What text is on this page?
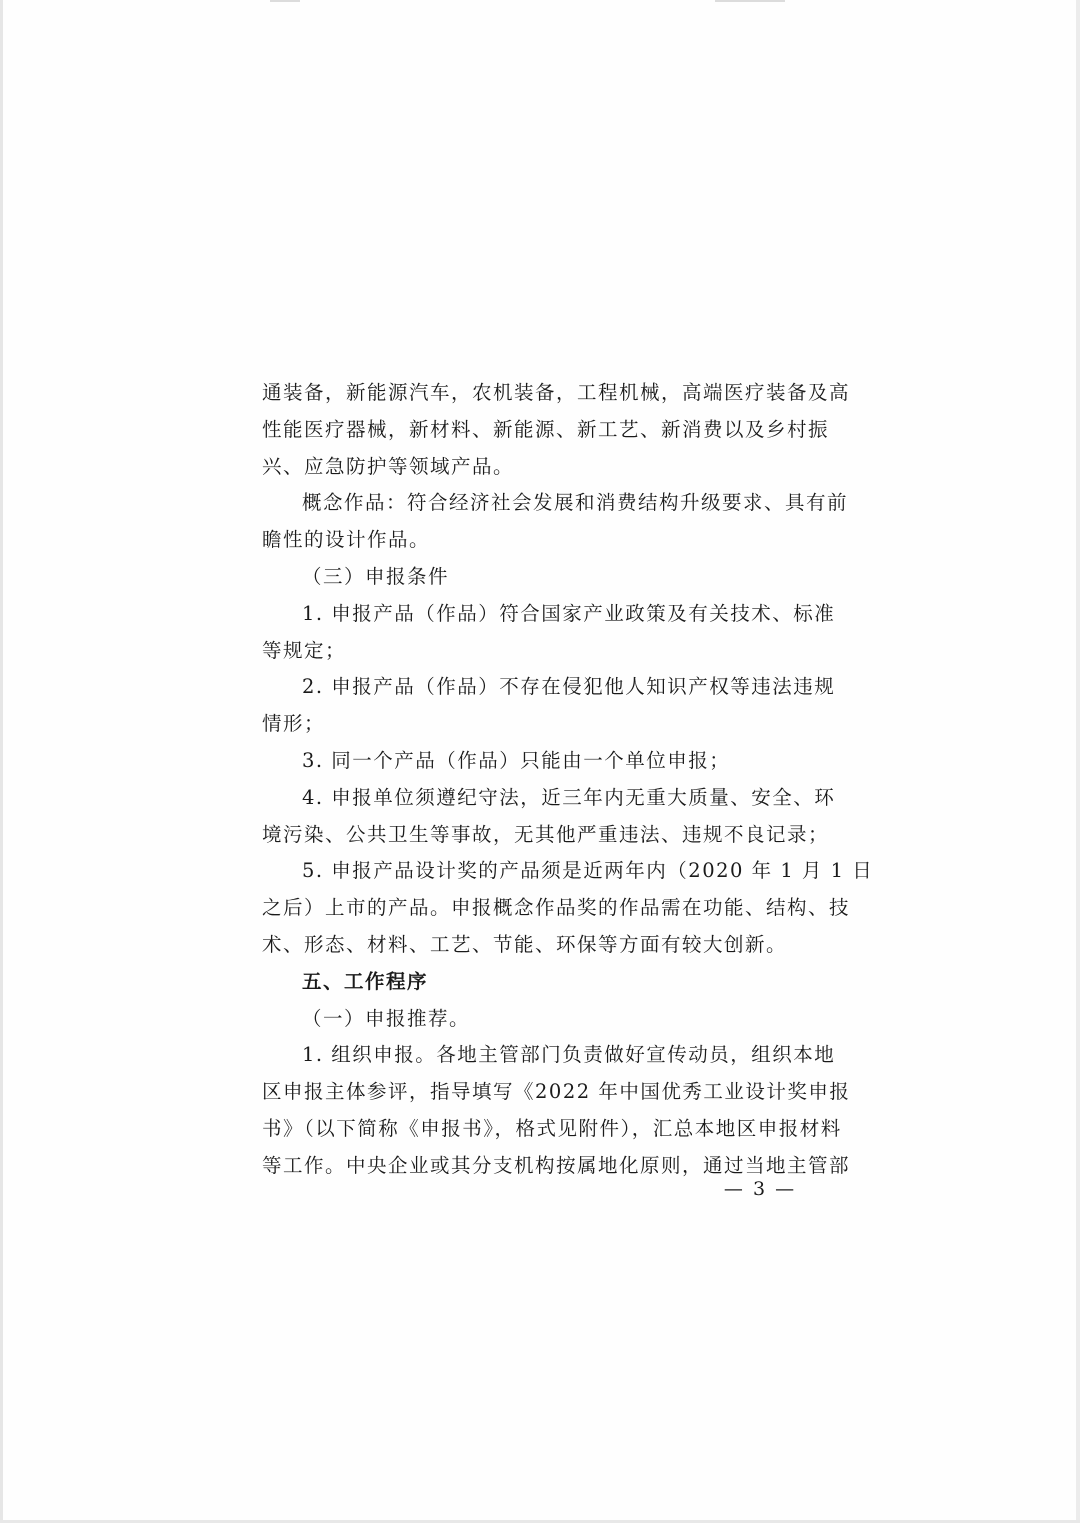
通装备，新能源汽车，农机装备，工程机械，高端医疗装备及高
性能医疗器械，新材料、新能源、新工艺、新消费以及乡村振
兴、应急防护等领域产品。
概念作品：符合经济社会发展和消费结构升级要求、具有前
瞻性的设计作品。
（三）申报条件
1. 申报产品（作品）符合国家产业政策及有关技术、标准
等规定；
2. 申报产品（作品）不存在侵犯他人知识产权等违法违规
情形；
3. 同一个产品（作品）只能由一个单位申报；
4. 申报单位须遵纪守法，近三年内无重大质量、安全、环
境污染、公共卫生等事故，无其他严重违法、违规不良记录；
5. 申报产品设计奖的产品须是近两年内（2020 年 1 月 1 日
之后）上市的产品。申报概念作品奖的作品需在功能、结构、技
术、形态、材料、工艺、节能、环保等方面有较大创新。
五、工作程序
（一）申报推荐。
1. 组织申报。各地主管部门负责做好宣传动员，组织本地
区申报主体参评，指导填写《2022 年中国优秀工业设计奖申报
书》（以下简称《申报书》，格式见附件），汇总本地区申报材料
等工作。中央企业或其分支机构按属地化原则，通过当地主管部
— 3 —
